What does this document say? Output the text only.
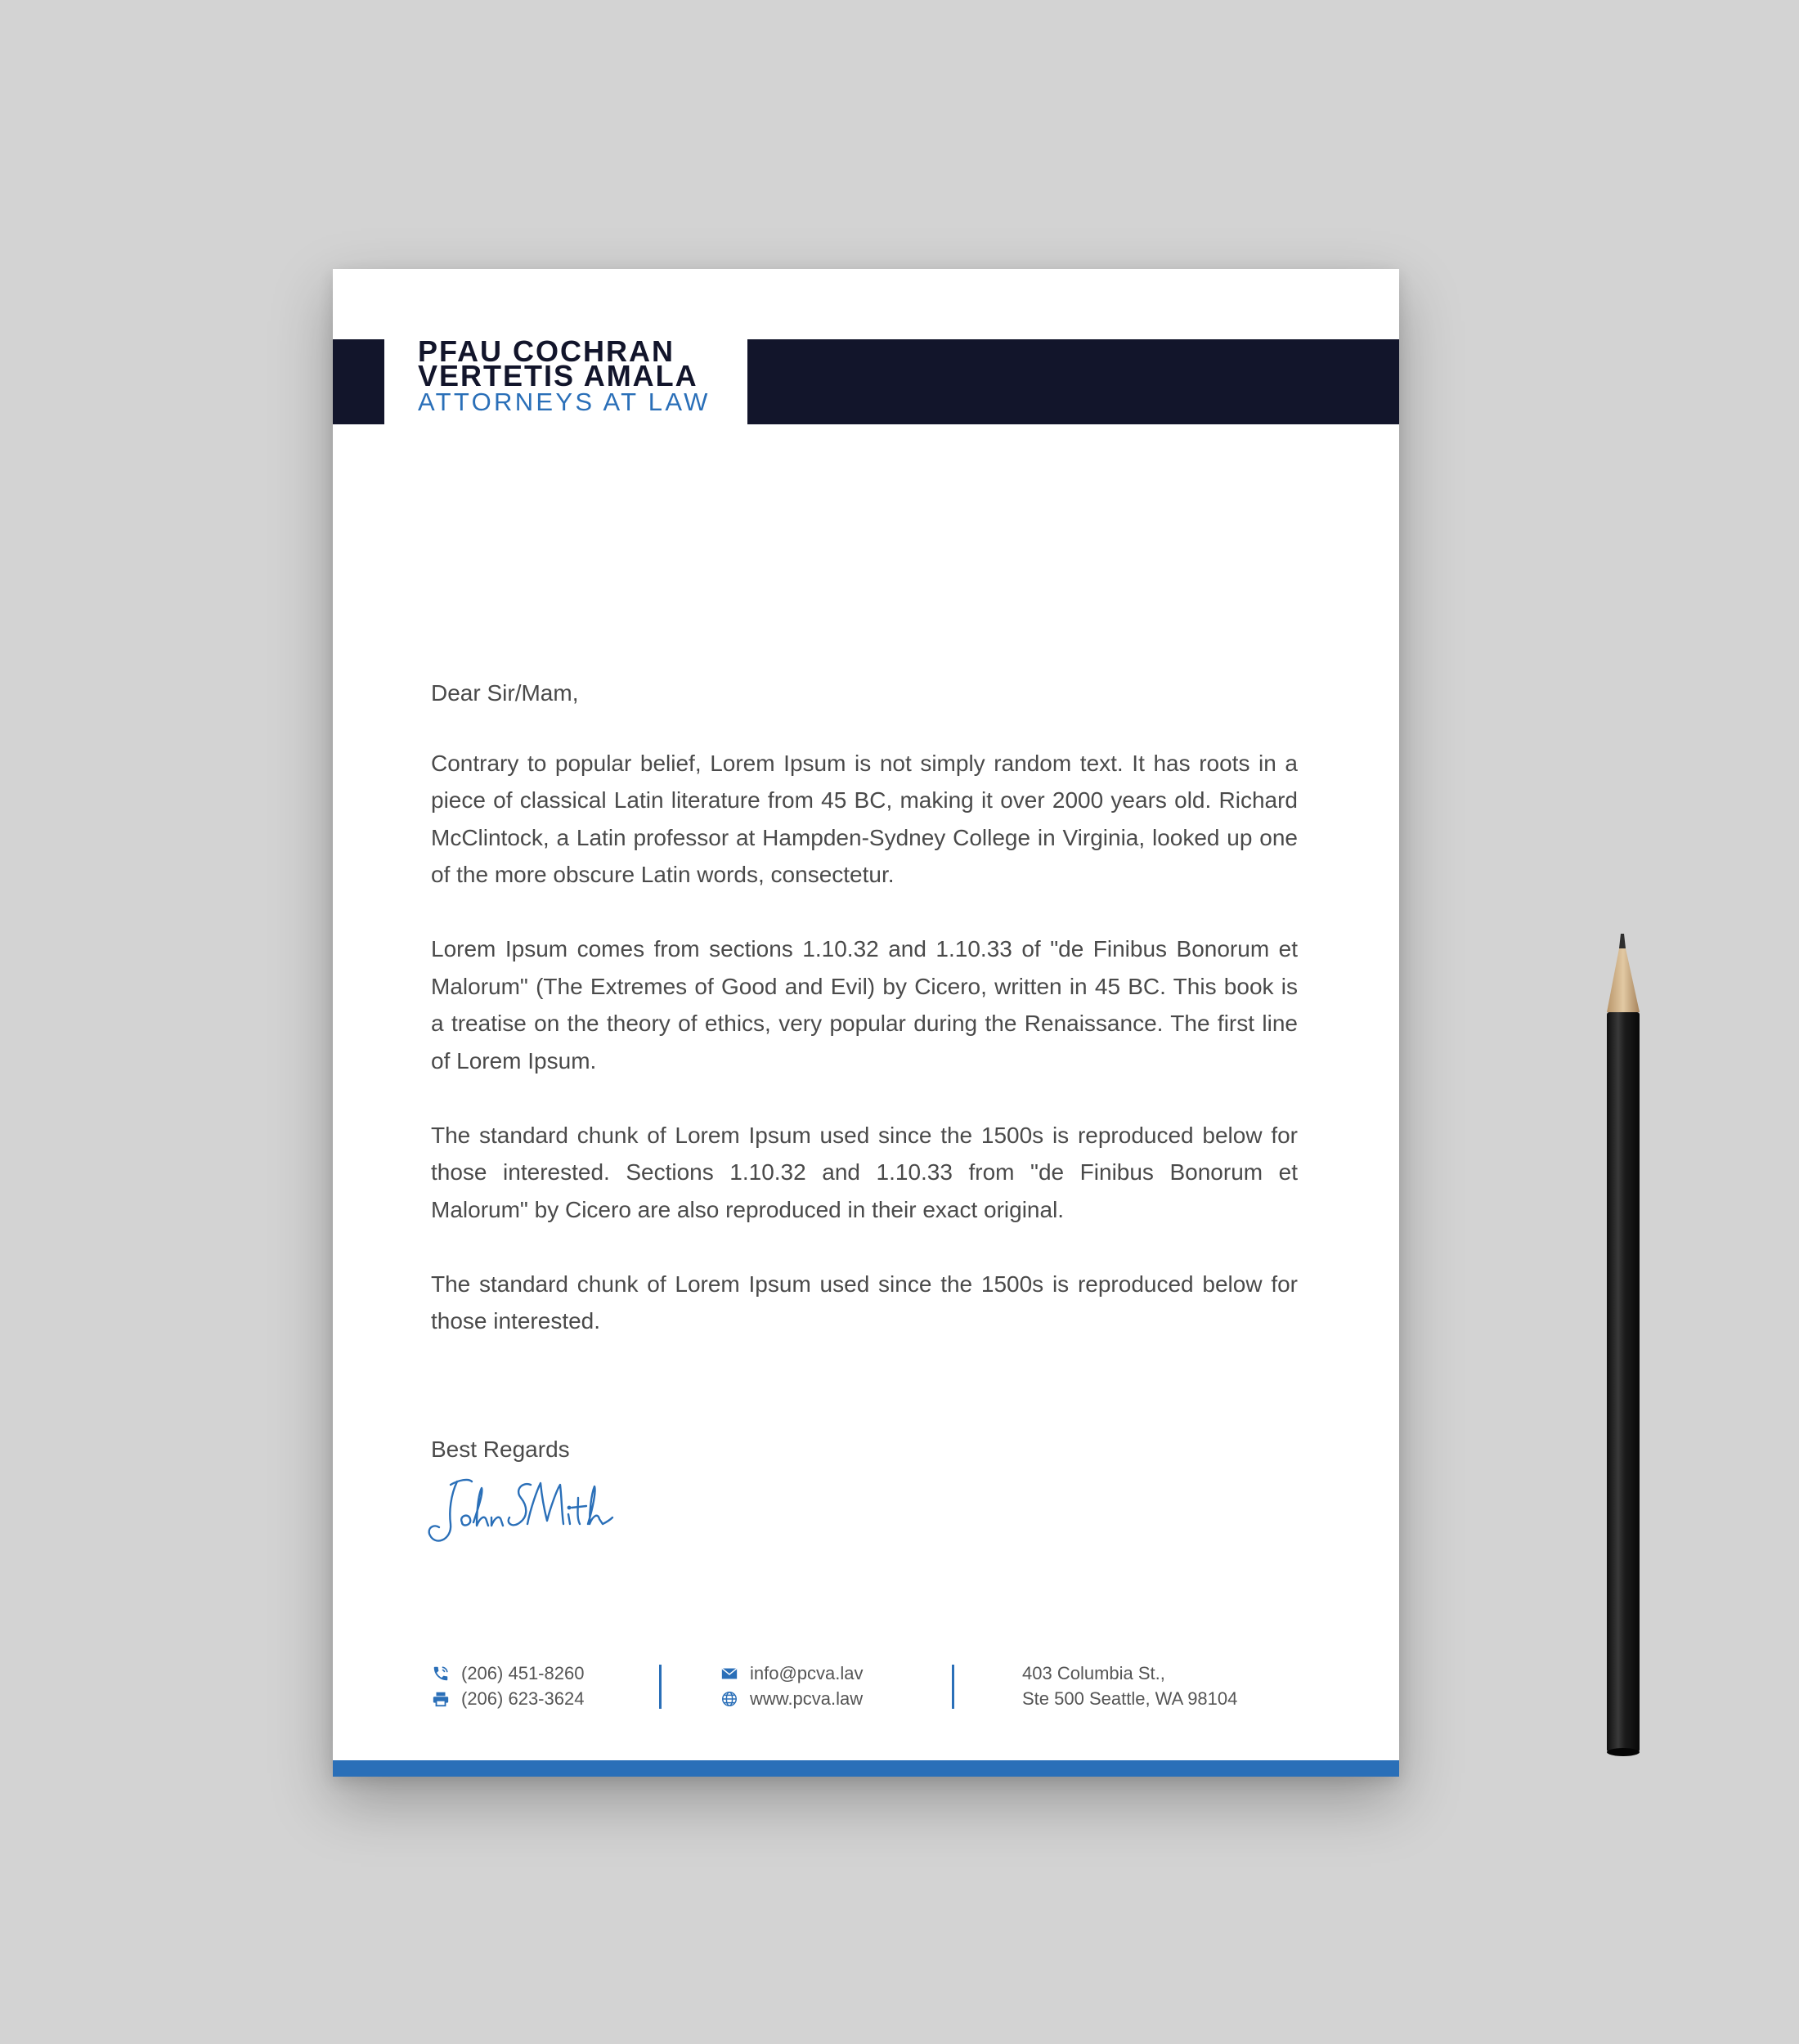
PFAU COCHRAN
VERTETIS AMALA
ATTORNEYS AT LAW

Dear Sir/Mam,

Contrary to popular belief, Lorem Ipsum is not simply random text. It has roots in a piece of classical Latin literature from 45 BC, making it over 2000 years old. Richard McClintock, a Latin professor at Hampden-Sydney College in Virginia, looked up one of the more obscure Latin words, consectetur.

Lorem Ipsum comes from sections 1.10.32 and 1.10.33 of "de Finibus Bonorum et Malorum" (The Extremes of Good and Evil) by Cicero, written in 45 BC. This book is a treatise on the theory of ethics, very popular during the Renaissance. The first line of Lorem Ipsum.

The standard chunk of Lorem Ipsum used since the 1500s is reproduced below for those interested. Sections 1.10.32 and 1.10.33 from "de Finibus Bonorum et Malorum" by Cicero are also reproduced in their exact original.

The standard chunk of Lorem Ipsum used since the 1500s is reproduced below for those interested.

Best Regards
(206) 451-8260
(206) 623-3624
info@pcva.lav
www.pcva.law
403 Columbia St.,
Ste 500 Seattle, WA 98104
